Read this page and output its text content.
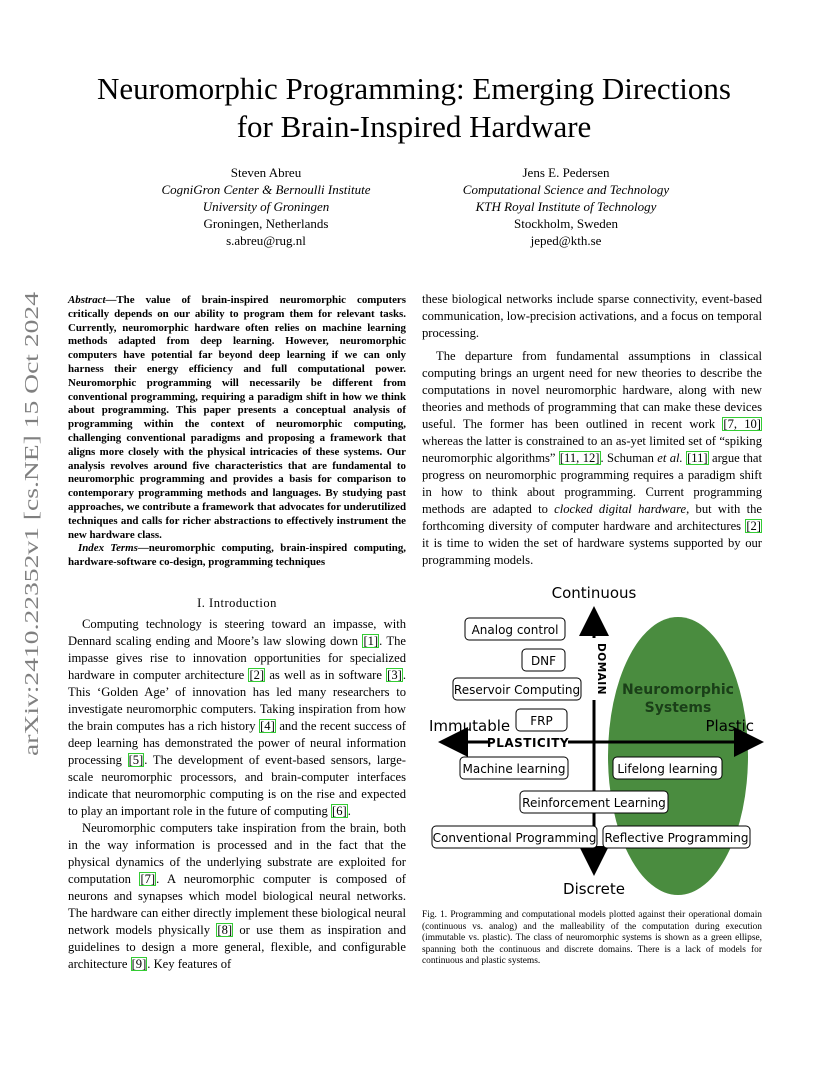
Neuromorphic Programming: Emerging Directions
for Brain-Inspired Hardware
Steven Abreu
CogniGron Center & Bernoulli Institute
University of Groningen
Groningen, Netherlands
s.abreu@rug.nl
Jens E. Pedersen
Computational Science and Technology
KTH Royal Institute of Technology
Stockholm, Sweden
jeped@kth.se
arXiv:2410.22352v1 [cs.NE] 15 Oct 2024
Abstract—The value of brain-inspired neuromorphic computers critically depends on our ability to program them for relevant tasks. Currently, neuromorphic hardware often relies on machine learning methods adapted from deep learning. However, neuromorphic computers have potential far beyond deep learning if we can only harness their energy efficiency and full computational power. Neuromorphic programming will necessarily be different from conventional programming, requiring a paradigm shift in how we think about programming. This paper presents a conceptual analysis of programming within the context of neuromorphic computing, challenging conventional paradigms and proposing a framework that aligns more closely with the physical intricacies of these systems. Our analysis revolves around five characteristics that are fundamental to neuromorphic programming and provides a basis for comparison to contemporary programming methods and languages. By studying past approaches, we contribute a framework that advocates for underutilized techniques and calls for richer abstractions to effectively instrument the new hardware class.
Index Terms—neuromorphic computing, brain-inspired computing, hardware-software co-design, programming techniques
I. Introduction

Computing technology is steering toward an impasse, with Dennard scaling ending and Moore’s law slowing down [1]. The impasse gives rise to innovation opportunities for specialized hardware in computer architecture [2] as well as in software [3]. This ‘Golden Age’ of innovation has led many researchers to investigate neuromorphic computers. Taking inspiration from how the brain computes has a rich history [4] and the recent success of deep learning has demonstrated the power of neural information processing [5]. The development of event-based sensors, large-scale neuromorphic processors, and brain-computer interfaces indicate that neuromorphic computing is on the rise and expected to play an important role in the future of computing [6].

Neuromorphic computers take inspiration from the brain, both in the way information is processed and in the fact that the physical dynamics of the underlying substrate are exploited for computation [7]. A neuromorphic computer is composed of neurons and synapses which model biological neural networks. The hardware can either directly implement these biological neural network models physically [8] or use them as inspiration and guidelines to design a more general, flexible, and configurable architecture [9]. Key features of

these biological networks include sparse connectivity, event-based communication, low-precision activations, and a focus on temporal processing.

The departure from fundamental assumptions in classical computing brings an urgent need for new theories to describe the computations in novel neuromorphic hardware, along with new theories and methods of programming that can make these devices useful. The former has been outlined in recent work [7, 10] whereas the latter is constrained to an as-yet limited set of “spiking neuromorphic algorithms” [11, 12]. Schuman et al. [11] argue that progress on neuromorphic programming requires a paradigm shift in how to think about programming. Current programming methods are adapted to clocked digital hardware, but with the forthcoming diversity of computer hardware and architectures [2] it is time to widen the set of hardware systems supported by our programming models.

Neuromorphic
Systems
PLASTICITY
DOMAIN
Continuous
Discrete
Immutable	Plastic
Analog control
DNF
Reservoir Computing
FRP
Machine learning	Lifelong learning
Reinforcement Learning
Conventional Programming Reflective Programming
Fig. 1. Programming and computational models plotted against their operational domain (continuous vs. analog) and the malleability of the computation during execution (immutable vs. plastic). The class of neuromorphic systems is shown as a green ellipse, spanning both the continuous and discrete domains. There is a lack of models for continuous and plastic systems.
